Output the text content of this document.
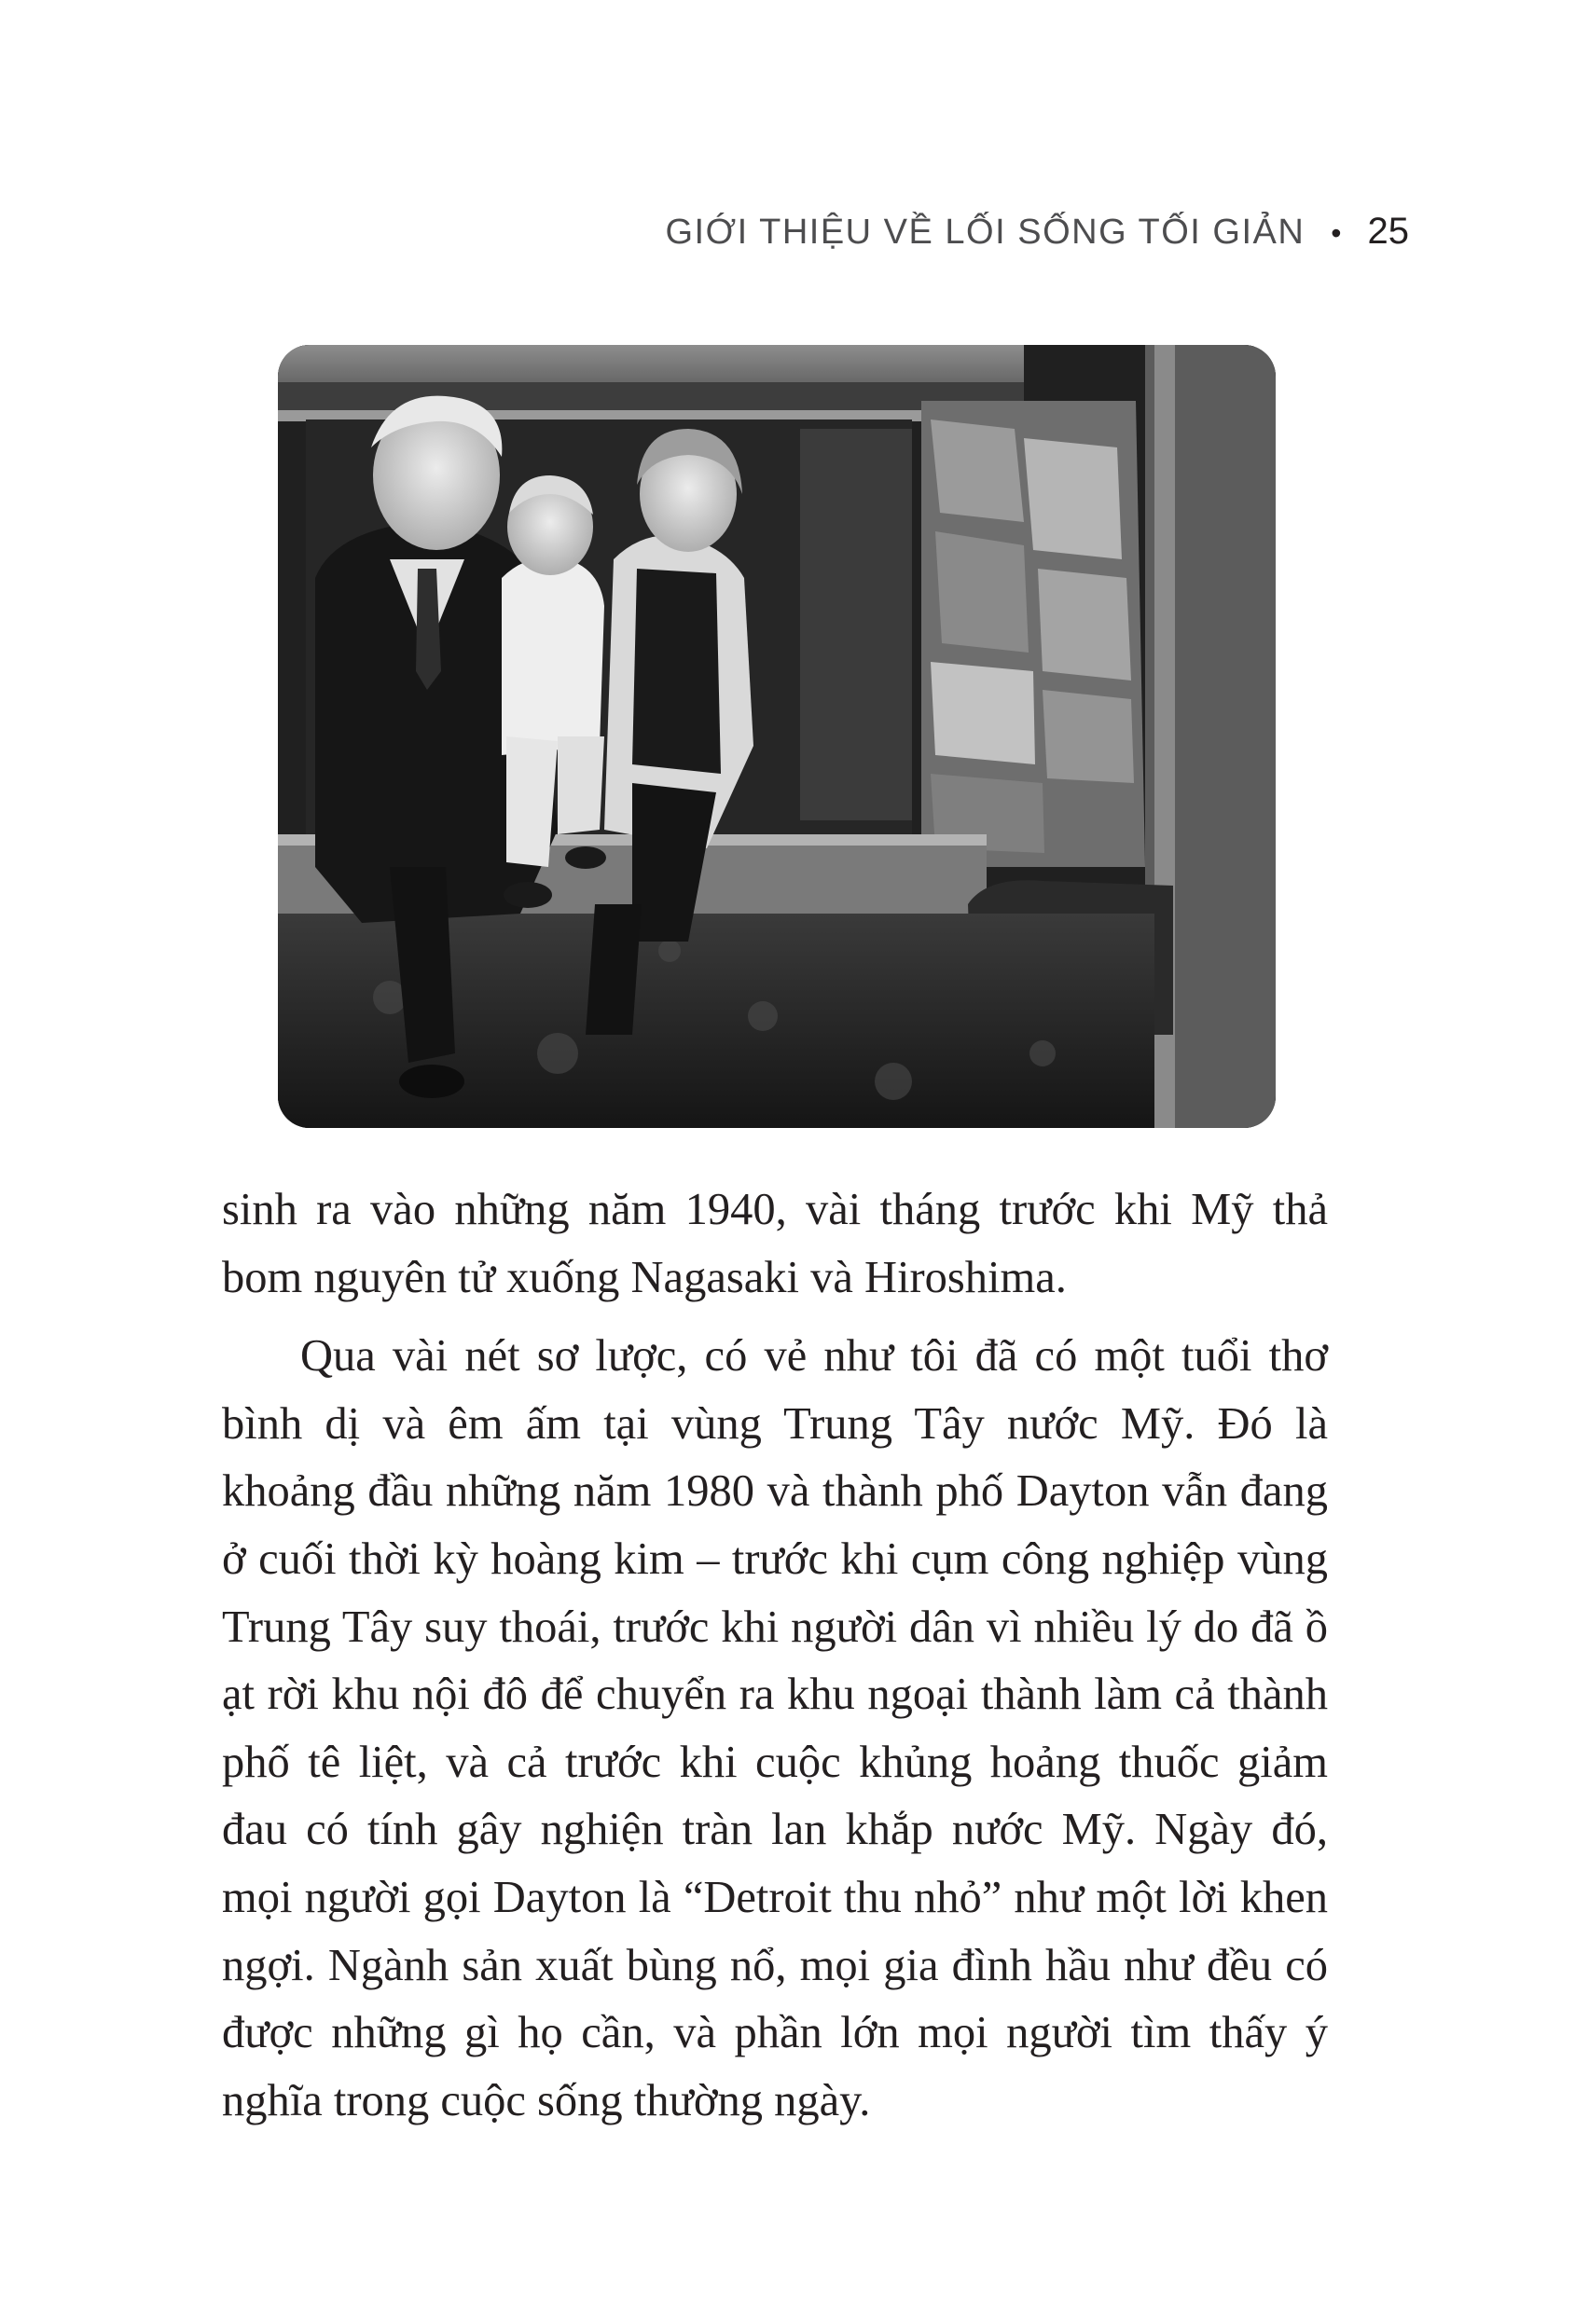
GIỚI THIỆU VỀ LỐI SỐNG TỐI GIẢN • 25

sinh ra vào những năm 1940, vài tháng trước khi Mỹ thả bom nguyên tử xuống Nagasaki và Hiroshima.

Qua vài nét sơ lược, có vẻ như tôi đã có một tuổi thơ bình dị và êm ấm tại vùng Trung Tây nước Mỹ. Đó là khoảng đầu những năm 1980 và thành phố Dayton vẫn đang ở cuối thời kỳ hoàng kim – trước khi cụm công nghiệp vùng Trung Tây suy thoái, trước khi người dân vì nhiều lý do đã ồ ạt rời khu nội đô để chuyển ra khu ngoại thành làm cả thành phố tê liệt, và cả trước khi cuộc khủng hoảng thuốc giảm đau có tính gây nghiện tràn lan khắp nước Mỹ. Ngày đó, mọi người gọi Dayton là “Detroit thu nhỏ” như một lời khen ngợi. Ngành sản xuất bùng nổ, mọi gia đình hầu như đều có được những gì họ cần, và phần lớn mọi người tìm thấy ý nghĩa trong cuộc sống thường ngày.
